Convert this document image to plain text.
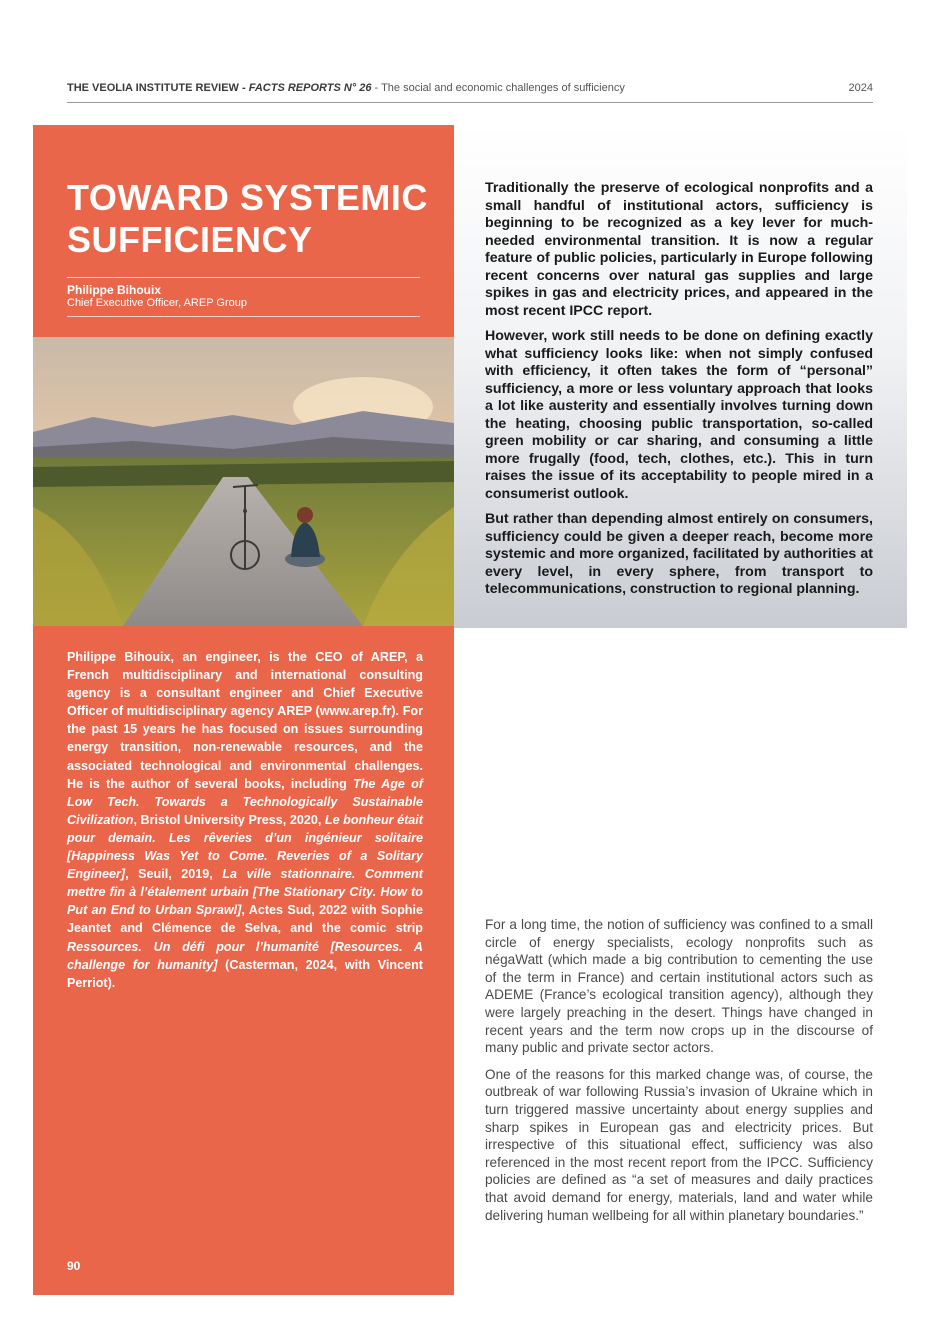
THE VEOLIA INSTITUTE REVIEW - FACTS REPORTS N° 26 - The social and economic challenges of sufficiency	2024
TOWARD SYSTEMIC SUFFICIENCY
Philippe Bihouix
Chief Executive Officer, AREP Group

Traditionally the preserve of ecological nonprofits and a small handful of institutional actors, sufficiency is beginning to be recognized as a key lever for much-needed environmental transition. It is now a regular feature of public policies, particularly in Europe following recent concerns over natural gas supplies and large spikes in gas and electricity prices, and appeared in the most recent IPCC report.

However, work still needs to be done on defining exactly what sufficiency looks like: when not simply confused with efficiency, it often takes the form of “personal” sufficiency, a more or less voluntary approach that looks a lot like austerity and essentially involves turning down the heating, choosing public transportation, so-called green mobility or car sharing, and consuming a little more frugally (food, tech, clothes, etc.). This in turn raises the issue of its acceptability to people mired in a consumerist outlook.

But rather than depending almost entirely on consumers, sufficiency could be given a deeper reach, become more systemic and more organized, facilitated by authorities at every level, in every sphere, from transport to telecommunications, construction to regional planning.

Philippe Bihouix, an engineer, is the CEO of AREP, a French multidisciplinary and international consulting agency is a consultant engineer and Chief Executive Officer of multidisciplinary agency AREP (www.arep.fr). For the past 15 years he has focused on issues surrounding energy transition, non-renewable resources, and the associated technological and environmental challenges. He is the author of several books, including The Age of Low Tech. Towards a Technologically Sustainable Civilization, Bristol University Press, 2020, Le bonheur était pour demain. Les rêveries d’un ingénieur solitaire [Happiness Was Yet to Come. Reveries of a Solitary Engineer], Seuil, 2019, La ville stationnaire. Comment mettre fin à l’étalement urbain [The Stationary City. How to Put an End to Urban Sprawl], Actes Sud, 2022 with Sophie Jeantet and Clémence de Selva, and the comic strip Ressources. Un défi pour l’humanité [Resources. A challenge for humanity] (Casterman, 2024, with Vincent Perriot).
90

For a long time, the notion of sufficiency was confined to a small circle of energy specialists, ecology nonprofits such as négaWatt (which made a big contribution to cementing the use of the term in France) and certain institutional actors such as ADEME (France’s ecological transition agency), although they were largely preaching in the desert. Things have changed in recent years and the term now crops up in the discourse of many public and private sector actors.

One of the reasons for this marked change was, of course, the outbreak of war following Russia’s invasion of Ukraine which in turn triggered massive uncertainty about energy supplies and sharp spikes in European gas and electricity prices. But irrespective of this situational effect, sufficiency was also referenced in the most recent report from the IPCC. Sufficiency policies are defined as “a set of measures and daily practices that avoid demand for energy, materials, land and water while delivering human wellbeing for all within planetary boundaries.”
